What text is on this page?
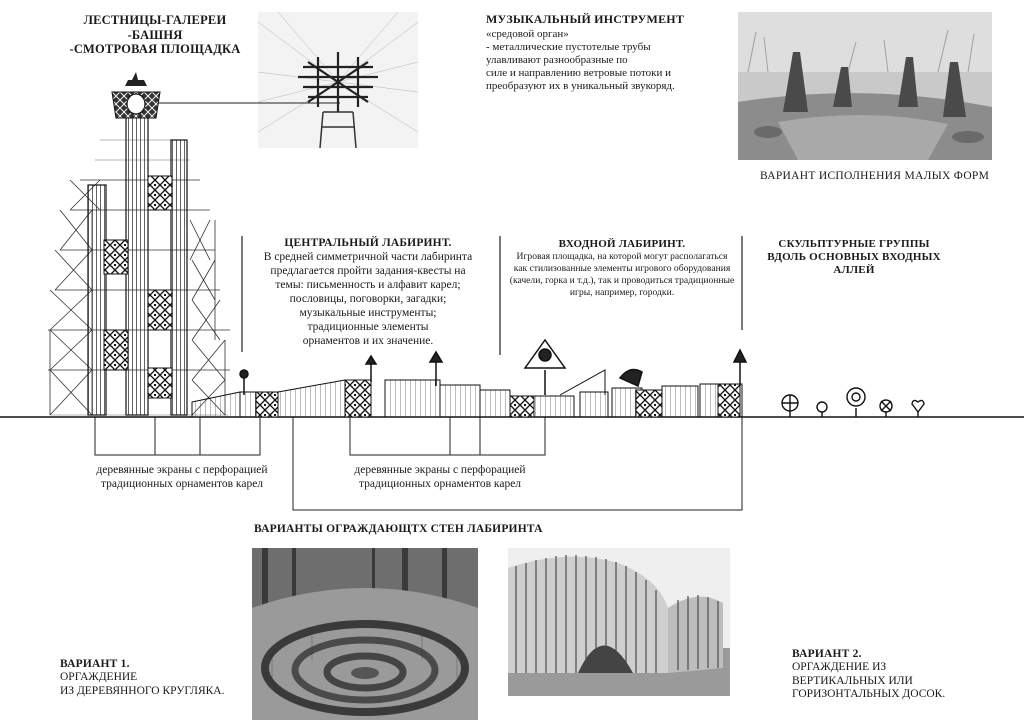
ЛЕСТНИЦЫ-ГАЛЕРЕИ
-БАШНЯ
-СМОТРОВАЯ ПЛОЩАДКА
МУЗЫКАЛЬНЫЙ ИНСТРУМЕНТ
«средовой орган»
- металлические пустотелые трубы
улавливают разнообразные по
силе и направлению ветровые потоки и
преобразуют их в уникальный звукоряд.
ВАРИАНТ ИСПОЛНЕНИЯ МАЛЫХ ФОРМ
ЦЕНТРАЛЬНЫЙ ЛАБИРИНТ.
В средней симметричной части лабиринта
предлагается пройти задания-квесты на
темы: письменность и алфавит карел;
пословицы, поговорки, загадки;
музыкальные инструменты;
традиционные элементы
орнаментов и их значение.
ВХОДНОЙ ЛАБИРИНТ.
Игровая площадка, на которой могут располагаться
как стилизованные элементы игрового оборудования
(качели, горка и т.д.), так и проводиться традиционные
игры, например, городки.
СКУЛЬПТУРНЫЕ ГРУППЫ
ВДОЛЬ ОСНОВНЫХ ВХОДНЫХ АЛЛЕЙ
деревянные экраны с перфорацией
традиционных орнаментов карел
деревянные экраны с перфорацией
традиционных орнаментов карел
ВАРИАНТЫ ОГРАЖДАЮЩТХ СТЕН ЛАБИРИНТА
ВАРИАНТ 1.
ОРГАЖДЕНИЕ
ИЗ ДЕРЕВЯННОГО КРУГЛЯКА.
ВАРИАНТ 2.
ОРГАЖДЕНИЕ ИЗ
ВЕРТИКАЛЬНЫХ ИЛИ
ГОРИЗОНТАЛЬНЫХ ДОСОК.
